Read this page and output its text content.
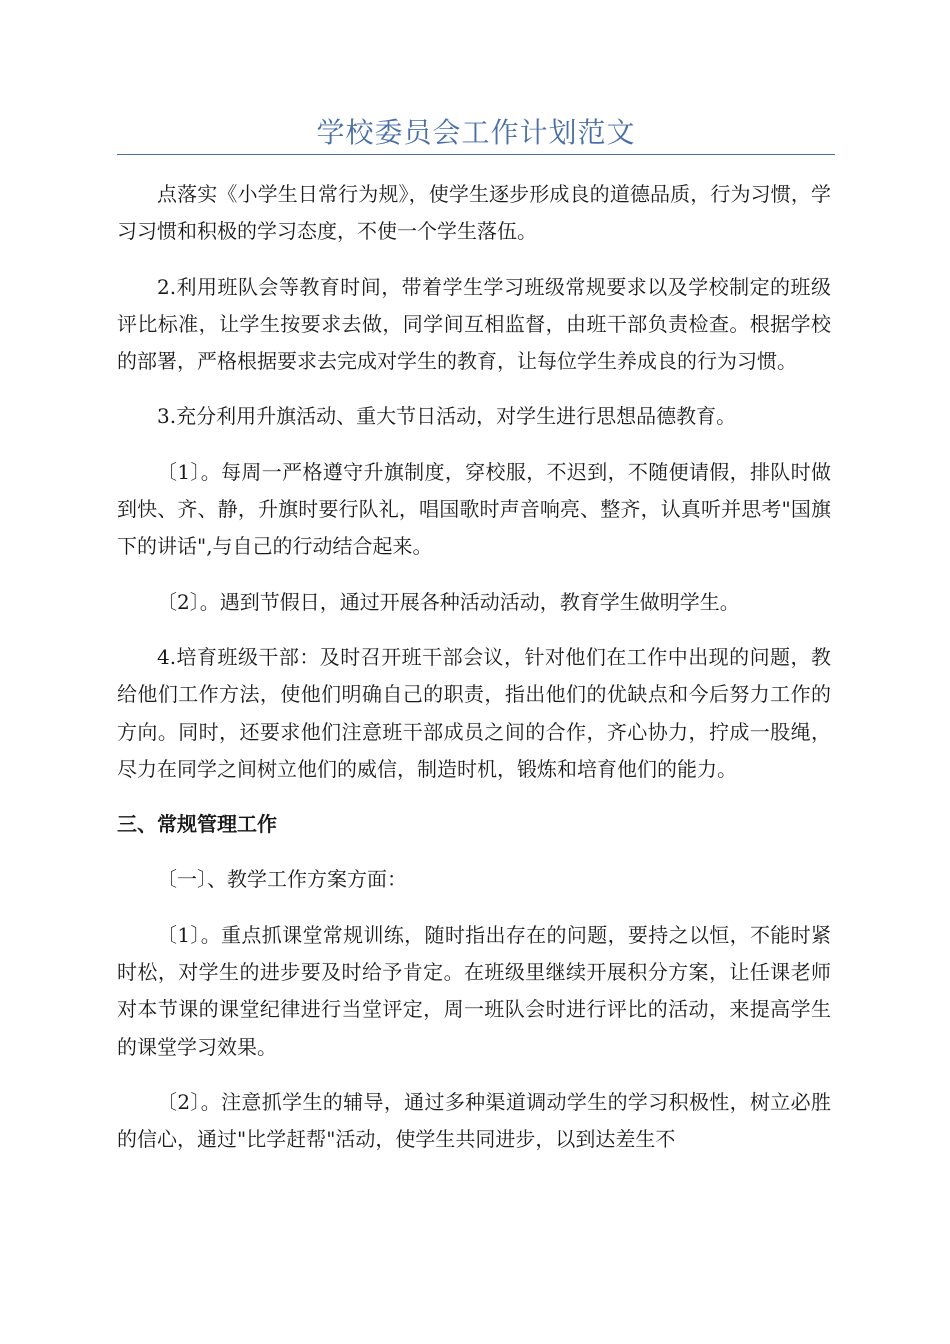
学校委员会工作计划范文

点落实《小学生日常行为规》，使学生逐步形成良的道德品质，行为习惯，学习习惯和积极的学习态度，不使一个学生落伍。

2.利用班队会等教育时间，带着学生学习班级常规要求以及学校制定的班级评比标准，让学生按要求去做，同学间互相监督，由班干部负责检查。根据学校的部署，严格根据要求去完成对学生的教育，让每位学生养成良的行为习惯。

3.充分利用升旗活动、重大节日活动，对学生进行思想品德教育。

〔1〕。每周一严格遵守升旗制度，穿校服，不迟到，不随便请假，排队时做到快、齐、静，升旗时要行队礼，唱国歌时声音响亮、整齐，认真听并思考"国旗下的讲话",与自己的行动结合起来。

〔2〕。遇到节假日，通过开展各种活动活动，教育学生做明学生。

4.培育班级干部：及时召开班干部会议，针对他们在工作中出现的问题，教给他们工作方法，使他们明确自己的职责，指出他们的优缺点和今后努力工作的方向。同时，还要求他们注意班干部成员之间的合作，齐心协力，拧成一股绳，尽力在同学之间树立他们的威信，制造时机，锻炼和培育他们的能力。

三、常规管理工作

〔一〕、教学工作方案方面：

〔1〕。重点抓课堂常规训练，随时指出存在的问题，要持之以恒，不能时紧时松，对学生的进步要及时给予肯定。在班级里继续开展积分方案，让任课老师对本节课的课堂纪律进行当堂评定，周一班队会时进行评比的活动，来提高学生的课堂学习效果。

〔2〕。注意抓学生的辅导，通过多种渠道调动学生的学习积极性，树立必胜的信心，通过"比学赶帮"活动，使学生共同进步，以到达差生不
